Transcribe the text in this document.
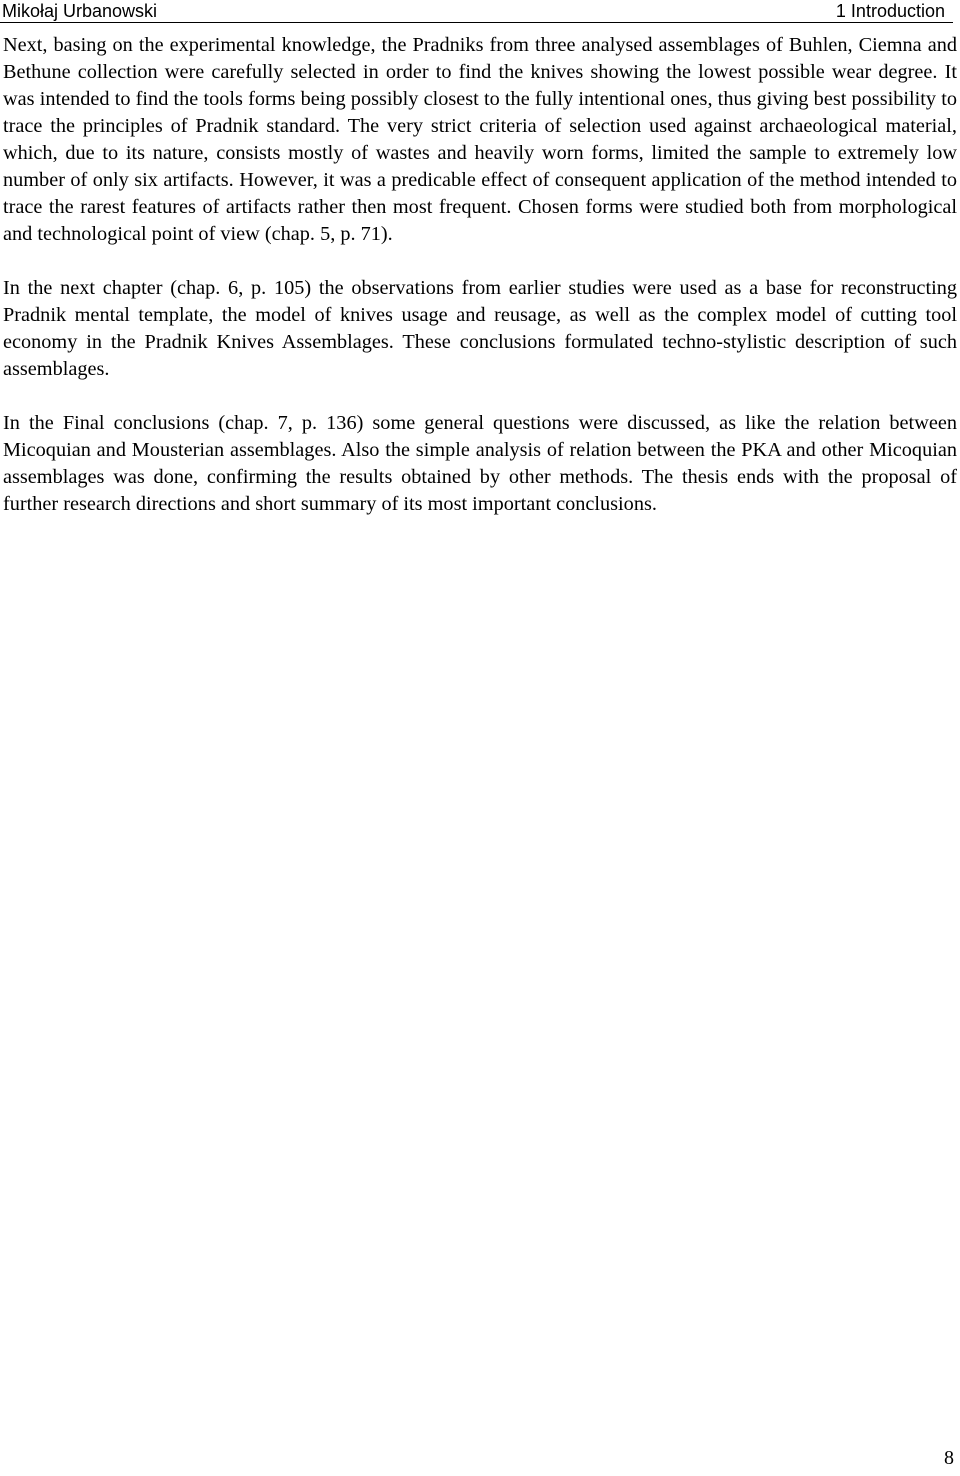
Mikołaj Urbanowski	1 Introduction

Next, basing on the experimental knowledge, the Pradniks from three analysed assemblages of Buhlen, Ciemna and Bethune collection were carefully selected in order to find the knives showing the lowest possible wear degree. It was intended to find the tools forms being possibly closest to the fully intentional ones, thus giving best possibility to trace the principles of Pradnik standard. The very strict criteria of selection used against archaeological material, which, due to its nature, consists mostly of wastes and heavily worn forms, limited the sample to extremely low number of only six artifacts. However, it was a predicable effect of consequent application of the method intended to trace the rarest features of artifacts rather then most frequent. Chosen forms were studied both from morphological and technological point of view (chap. 5, p. 71).

In the next chapter (chap. 6, p. 105) the observations from earlier studies were used as a base for reconstructing Pradnik mental template, the model of knives usage and reusage, as well as the complex model of cutting tool economy in the Pradnik Knives Assemblages. These conclusions formulated techno-stylistic description of such assemblages.

In the Final conclusions (chap. 7, p. 136) some general questions were discussed, as like the relation between Micoquian and Mousterian assemblages. Also the simple analysis of relation between the PKA and other Micoquian assemblages was done, confirming the results obtained by other methods. The thesis ends with the proposal of further research directions and short summary of its most important conclusions.

8
